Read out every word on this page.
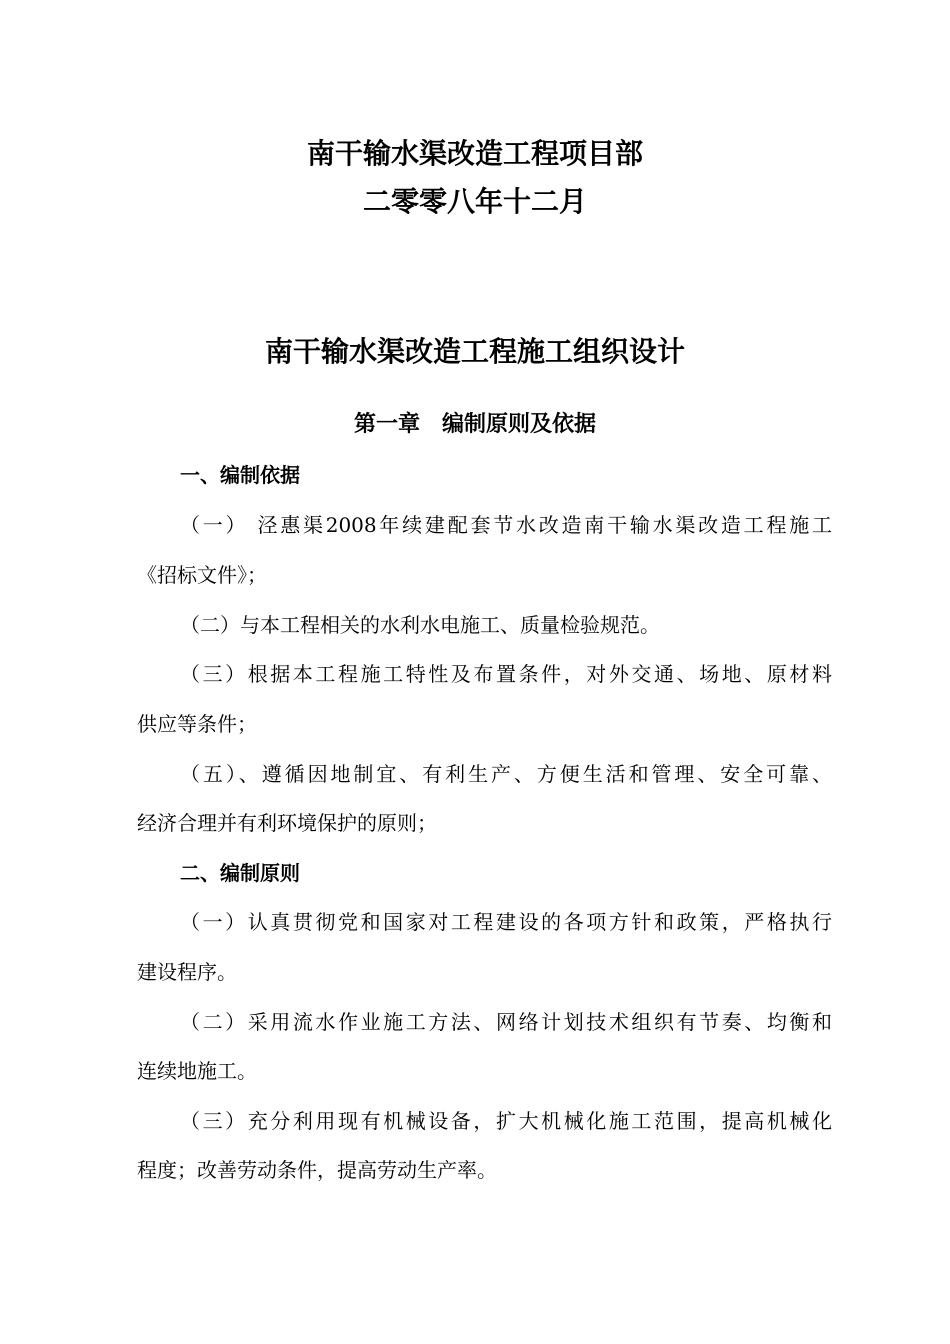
南干输水渠改造工程项目部
二零零八年十二月
南干输水渠改造工程施工组织设计
第一章　编制原则及依据
一、编制依据
（一） 泾惠渠2008年续建配套节水改造南干输水渠改造工程施工
《招标文件》；
（二）与本工程相关的水利水电施工、质量检验规范。
（三）根据本工程施工特性及布置条件，对外交通、场地、原材料
供应等条件；
（五）、遵循因地制宜、有利生产、方便生活和管理、安全可靠、
经济合理并有利环境保护的原则；
二、编制原则
（一）认真贯彻党和国家对工程建设的各项方针和政策，严格执行
建设程序。
（二）采用流水作业施工方法、网络计划技术组织有节奏、均衡和
连续地施工。
（三）充分利用现有机械设备，扩大机械化施工范围，提高机械化
程度；改善劳动条件，提高劳动生产率。
